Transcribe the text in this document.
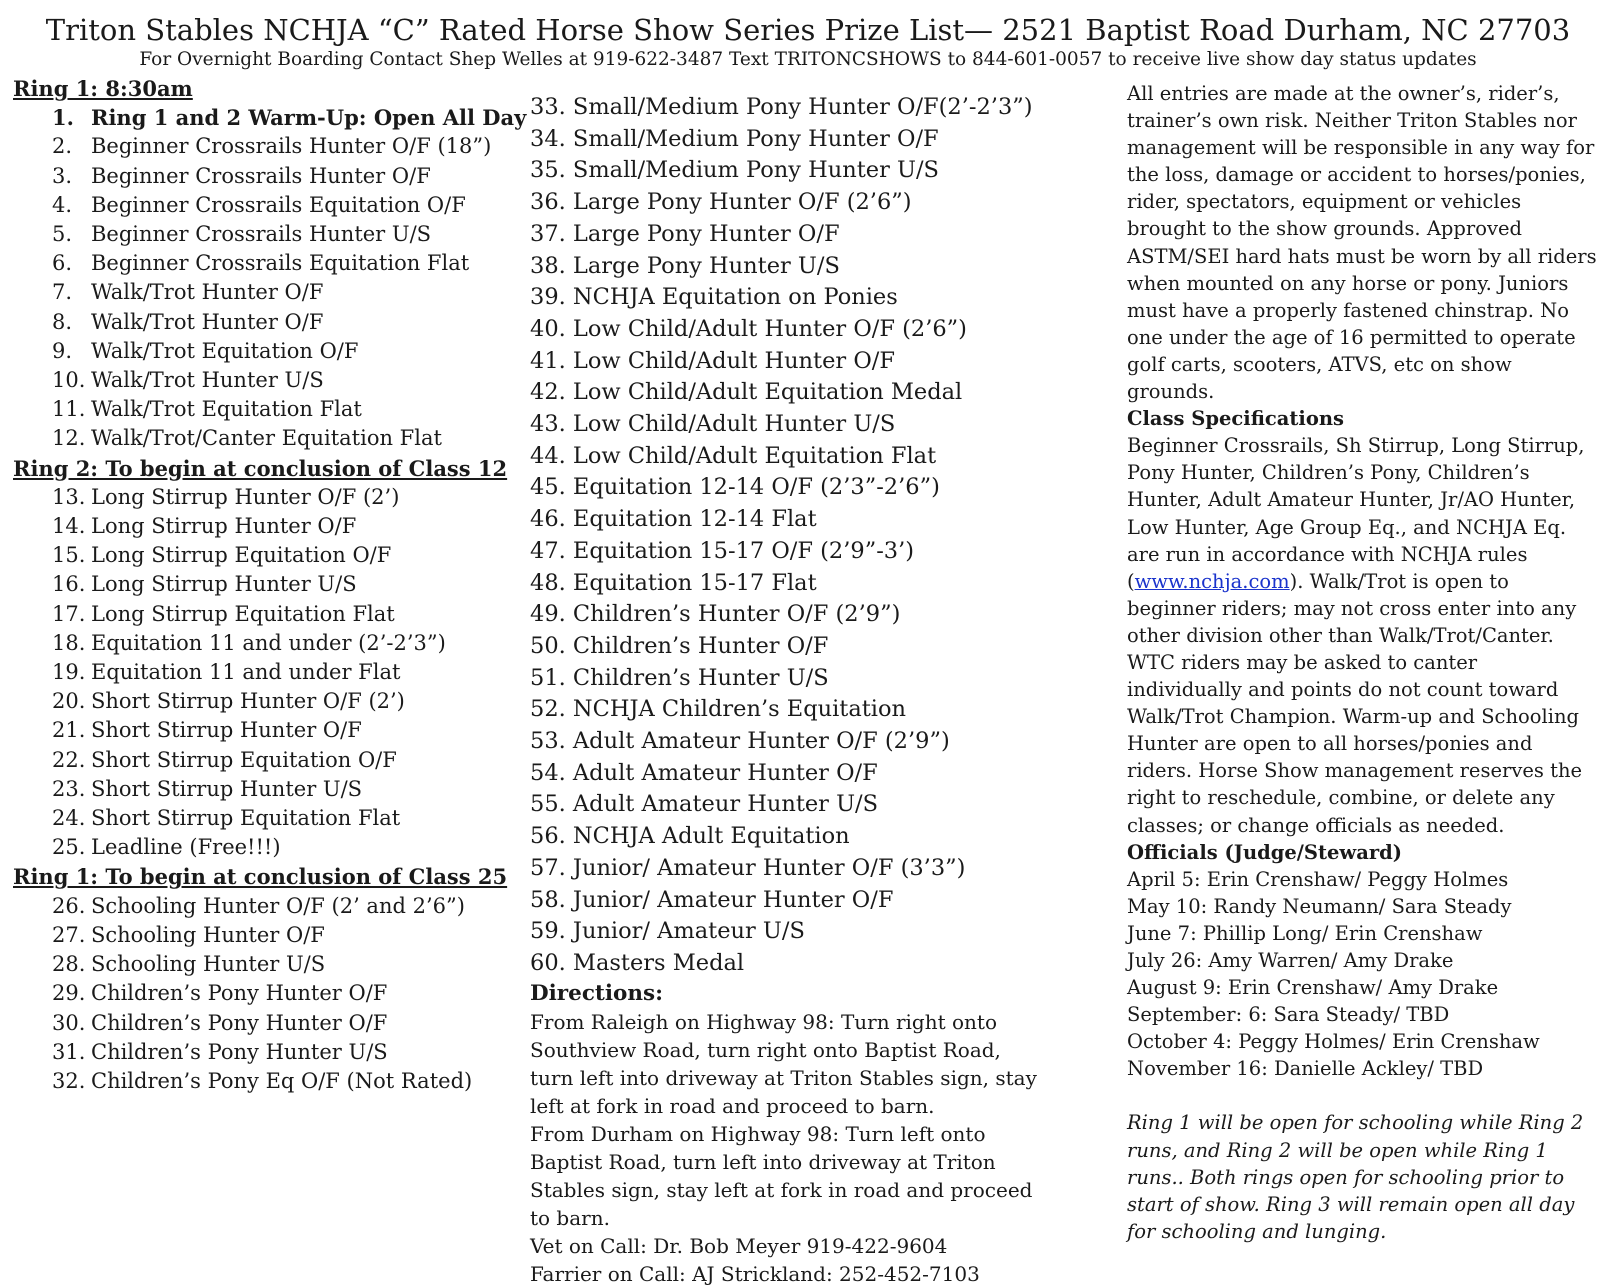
Triton Stables NCHJA “C” Rated Horse Show Series Prize List— 2521 Baptist Road Durham, NC 27703
For Overnight Boarding Contact Shep Welles at 919-622-3487 Text TRITONCSHOWS to 844-601-0057 to receive live show day status updates
Ring 1: 8:30am
1. Ring 1 and 2 Warm-Up: Open All Day
2. Beginner Crossrails Hunter O/F (18”)
3. Beginner Crossrails Hunter O/F
4. Beginner Crossrails Equitation O/F
5. Beginner Crossrails Hunter U/S
6. Beginner Crossrails Equitation Flat
7. Walk/Trot Hunter O/F
8. Walk/Trot Hunter O/F
9. Walk/Trot Equitation O/F
10. Walk/Trot Hunter U/S
11. Walk/Trot Equitation Flat
12. Walk/Trot/Canter Equitation Flat
Ring 2: To begin at conclusion of Class 12
13. Long Stirrup Hunter O/F (2’)
14. Long Stirrup Hunter O/F
15. Long Stirrup Equitation O/F
16. Long Stirrup Hunter U/S
17. Long Stirrup Equitation Flat
18. Equitation 11 and under (2’-2’3”)
19. Equitation 11 and under Flat
20. Short Stirrup Hunter O/F (2’)
21. Short Stirrup Hunter O/F
22. Short Stirrup Equitation O/F
23. Short Stirrup Hunter U/S
24. Short Stirrup Equitation Flat
25. Leadline (Free!!!)
Ring 1: To begin at conclusion of Class 25
26. Schooling Hunter O/F (2’ and 2’6”)
27. Schooling Hunter O/F
28. Schooling Hunter U/S
29. Children’s Pony Hunter O/F
30. Children’s Pony Hunter O/F
31. Children’s Pony Hunter U/S
32. Children’s Pony Eq O/F (Not Rated)
33. Small/Medium Pony Hunter O/F(2’-2’3”)
34. Small/Medium Pony Hunter O/F
35. Small/Medium Pony Hunter U/S
36. Large Pony Hunter O/F (2’6”)
37. Large Pony Hunter O/F
38. Large Pony Hunter U/S
39. NCHJA Equitation on Ponies
40. Low Child/Adult Hunter O/F (2’6”)
41. Low Child/Adult Hunter O/F
42. Low Child/Adult Equitation Medal
43. Low Child/Adult Hunter U/S
44. Low Child/Adult Equitation Flat
45. Equitation 12-14 O/F (2’3”-2’6”)
46. Equitation 12-14 Flat
47. Equitation 15-17 O/F (2’9”-3’)
48. Equitation 15-17 Flat
49. Children’s Hunter O/F (2’9”)
50. Children’s Hunter O/F
51. Children’s Hunter U/S
52. NCHJA Children’s Equitation
53. Adult Amateur Hunter O/F (2’9”)
54. Adult Amateur Hunter O/F
55. Adult Amateur Hunter U/S
56. NCHJA Adult Equitation
57. Junior/ Amateur Hunter O/F (3’3”)
58. Junior/ Amateur Hunter O/F
59. Junior/ Amateur U/S
60. Masters Medal
Directions:
From Raleigh on Highway 98: Turn right onto Southview Road, turn right onto Baptist Road, turn left into driveway at Triton Stables sign, stay left at fork in road and proceed to barn.
From Durham on Highway 98: Turn left onto Baptist Road, turn left into driveway at Triton Stables sign, stay left at fork in road and proceed to barn.
Vet on Call: Dr. Bob Meyer 919-422-9604
Farrier on Call: AJ Strickland: 252-452-7103
All entries are made at the owner’s, rider’s, trainer’s own risk. Neither Triton Stables nor management will be responsible in any way for the loss, damage or accident to horses/ponies, rider, spectators, equipment or vehicles brought to the show grounds. Approved ASTM/SEI hard hats must be worn by all riders when mounted on any horse or pony. Juniors must have a properly fastened chinstrap. No one under the age of 16 permitted to operate golf carts, scooters, ATVS, etc on show grounds.
Class Specifications
Beginner Crossrails, Sh Stirrup, Long Stirrup, Pony Hunter, Children’s Pony, Children’s Hunter, Adult Amateur Hunter, Jr/AO Hunter, Low Hunter, Age Group Eq., and NCHJA Eq. are run in accordance with NCHJA rules (www.nchja.com). Walk/Trot is open to beginner riders; may not cross enter into any other division other than Walk/Trot/Canter. WTC riders may be asked to canter individually and points do not count toward Walk/Trot Champion. Warm-up and Schooling Hunter are open to all horses/ponies and riders. Horse Show management reserves the right to reschedule, combine, or delete any classes; or change officials as needed.
Officials (Judge/Steward)
April 5: Erin Crenshaw/ Peggy Holmes
May 10: Randy Neumann/ Sara Steady
June 7: Phillip Long/ Erin Crenshaw
July 26: Amy Warren/ Amy Drake
August 9: Erin Crenshaw/ Amy Drake
September: 6: Sara Steady/ TBD
October 4: Peggy Holmes/ Erin Crenshaw
November 16: Danielle Ackley/ TBD
Ring 1 will be open for schooling while Ring 2 runs, and Ring 2 will be open while Ring 1 runs.. Both rings open for schooling prior to start of show. Ring 3 will remain open all day for schooling and lunging.
